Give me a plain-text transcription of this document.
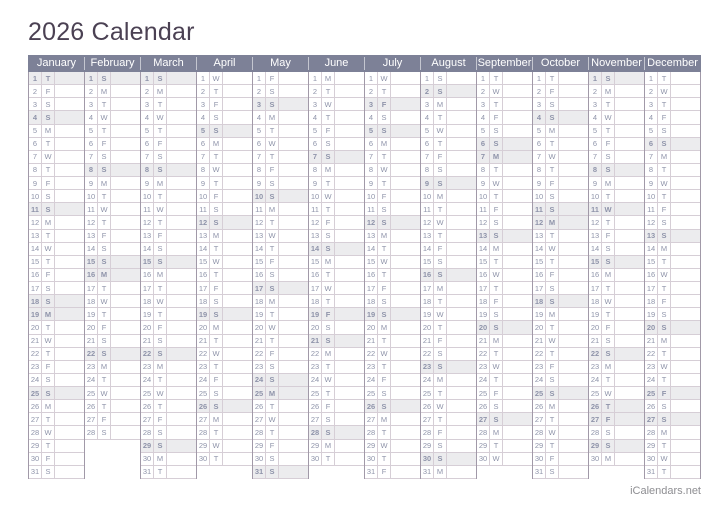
2026 Calendar
January
1	T
2	F
3	S
4	S
5	M
6	T
7 W
8	T
9	F
10 S
11 S
12 M
13 T
14 W
15 T
16 F
17 S
18 S
19 M
20 T
21 W
22 T
23 F
24 S
25 S
26 M
27 T
28 W
29 T
30 F
31 S
February
1	S
2	M
3	T
4 W
5	T
6	F
7	S
8	S
9	M
10 T
11 W
12 T
13 F
14 S
15 S
16 M
17 T
18 W
19 T
20 F
21 S
22 S
23 M
24 T
25 W
26 T
27 F
28 S
March
1	S
2	M
3	T
4 W
5	T
6	F
7	S
8	S
9	M
10 T
11 W
12 T
13 F
14 S
15 S
16 M
17 T
18 W
19 T
20 F
21 S
22 S
23 M
24 T
25 W
26 T
27 F
28 S
29 S
30 M
31 T
April
1 W
2	T
3	F
4	S
5	S
6	M
7	T
8 W
9	T
10 F
11 S
12 S
13 M
14 T
15 W
16 T
17 F
18 S
19 S
20 M
21 T
22 W
23 T
24 F
25 S
26 S
27 M
28 T
29 W
30 T
May
1	F
2	S
3	S
4	M
5	T
6 W
7	T
8	F
9	S
10 S
11 M
12 T
13 W
14 T
15 F
16 S
17 S
18 M
19 T
20 W
21 T
22 F
23 S
24 S
25 M
26 T
27 W
28 T
29 F
30 S
31 S
June
1	M
2	T
3 W
4	T
5	F
6	S
7	S
8	M
9	T
10 W
11 T
12 F
13 S
14 S
15 M
16 T
17 W
18 T
19 F
20 S
21 S
22 M
23 T
24 W
25 T
26 F
27 S
28 S
29 M
30 T
July
1 W
2	T
3	F
4	S
5	S
6	M
7	T
8 W
9	T
10 F
11 S
12 S
13 M
14 T
15 W
16 T
17 F
18 S
19 S
20 M
21 T
22 W
23 T
24 F
25 S
26 S
27 M
28 T
29 W
30 T
31 F
August
1	S
2	S
3	M
4	T
5 W
6	T
7	F
8	S
9	S
10 M
11 T
12 W
13 T
14 F
15 S
16 S
17 M
18 T
19 W
20 T
21 F
22 S
23 S
24 M
25 T
26 W
27 T
28 F
29 S
30 S
31 M
September
1	T
2 W
3	T
4	F
5	S
6	S
7	M
8	T
9 W
10 T
11 F
12 S
13 S
14 M
15 T
16 W
17 T
18 F
19 S
20 S
21 M
22 T
23 W
24 T
25 F
26 S
27 S
28 M
29 T
30 W
October
1	T
2	F
3	S
4	S
5	M
6	T
7 W
8	T
9	F
10 S
11 S
12 M
13 T
14 W
15 T
16 F
17 S
18 S
19 M
20 T
21 W
22 T
23 F
24 S
25 S
26 M
27 T
28 W
29 T
30 F
31 S
November
1	S
2	M
3	T
4 W
5	T
6	F
7	S
8	S
9	M
10 T
11 W
12 T
13 F
14 S
15 S
16 M
17 T
18 W
19 T
20 F
21 S
22 S
23 M
24 T
25 W
26 T
27 F
28 S
29 S
30 M
December
1	T
2 W
3	T
4	F
5	S
6	S
7	M
8	T
9 W
10 T
11 F
12 S
13 S
14 M
15 T
16 W
17 T
18 F
19 S
20 S
21 M
22 T
23 W
24 T
25 F
26 S
27 S
28 M
29 T
30 W
31 T
iCalendars.net
